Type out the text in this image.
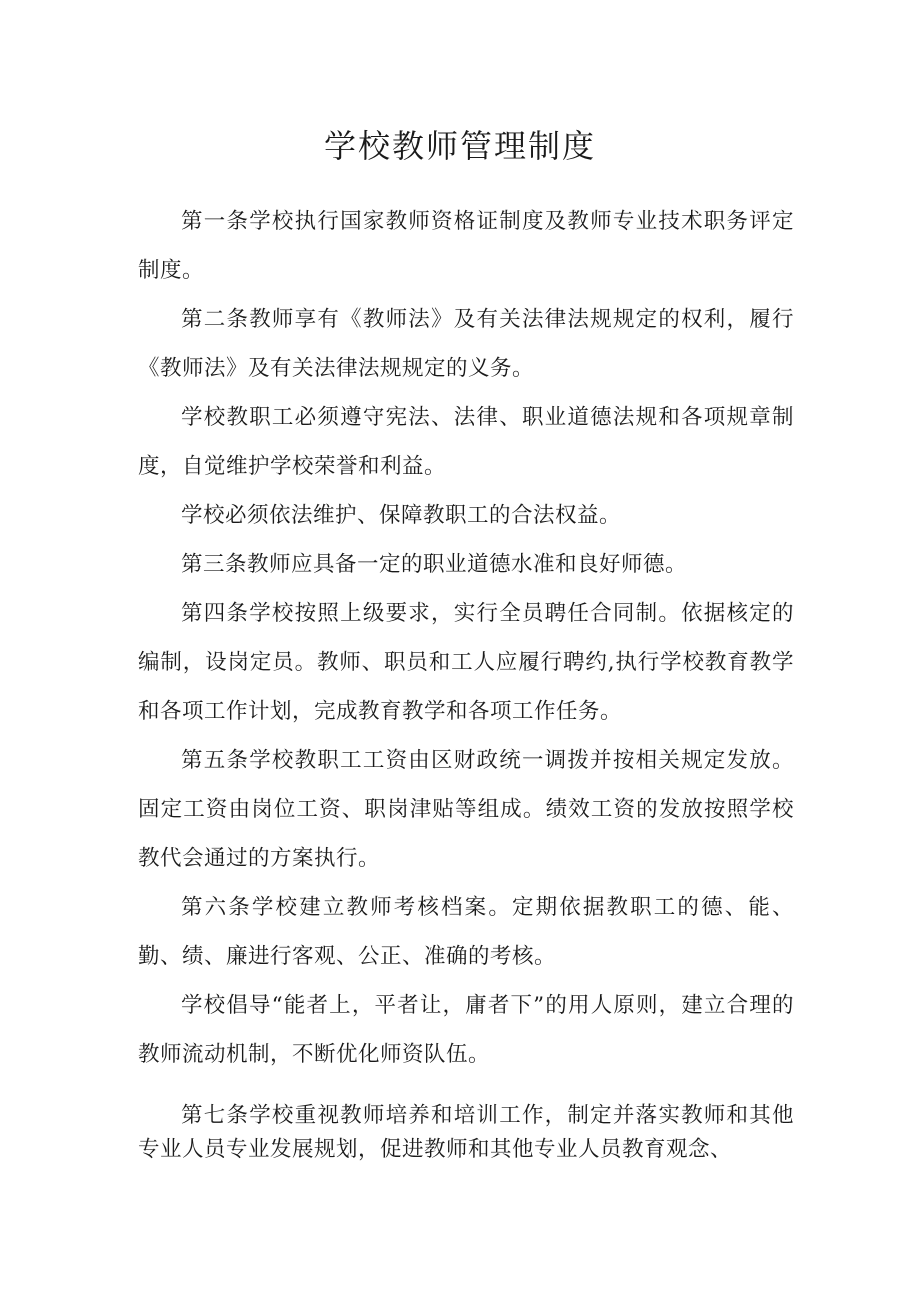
学校教师管理制度

第一条学校执行国家教师资格证制度及教师专业技术职务评定制度。

第二条教师享有《教师法》及有关法律法规规定的权利，履行《教师法》及有关法律法规规定的义务。

学校教职工必须遵守宪法、法律、职业道德法规和各项规章制度，自觉维护学校荣誉和利益。

学校必须依法维护、保障教职工的合法权益。

第三条教师应具备一定的职业道德水准和良好师德。

第四条学校按照上级要求，实行全员聘任合同制。依据核定的编制，设岗定员。教师、职员和工人应履行聘约,执行学校教育教学和各项工作计划，完成教育教学和各项工作任务。

第五条学校教职工工资由区财政统一调拨并按相关规定发放。固定工资由岗位工资、职岗津贴等组成。绩效工资的发放按照学校教代会通过的方案执行。

第六条学校建立教师考核档案。定期依据教职工的德、能、勤、绩、廉进行客观、公正、准确的考核。

学校倡导“能者上，平者让，庸者下”的用人原则，建立合理的教师流动机制，不断优化师资队伍。

第七条学校重视教师培养和培训工作，制定并落实教师和其他专业人员专业发展规划，促进教师和其他专业人员教育观念、
